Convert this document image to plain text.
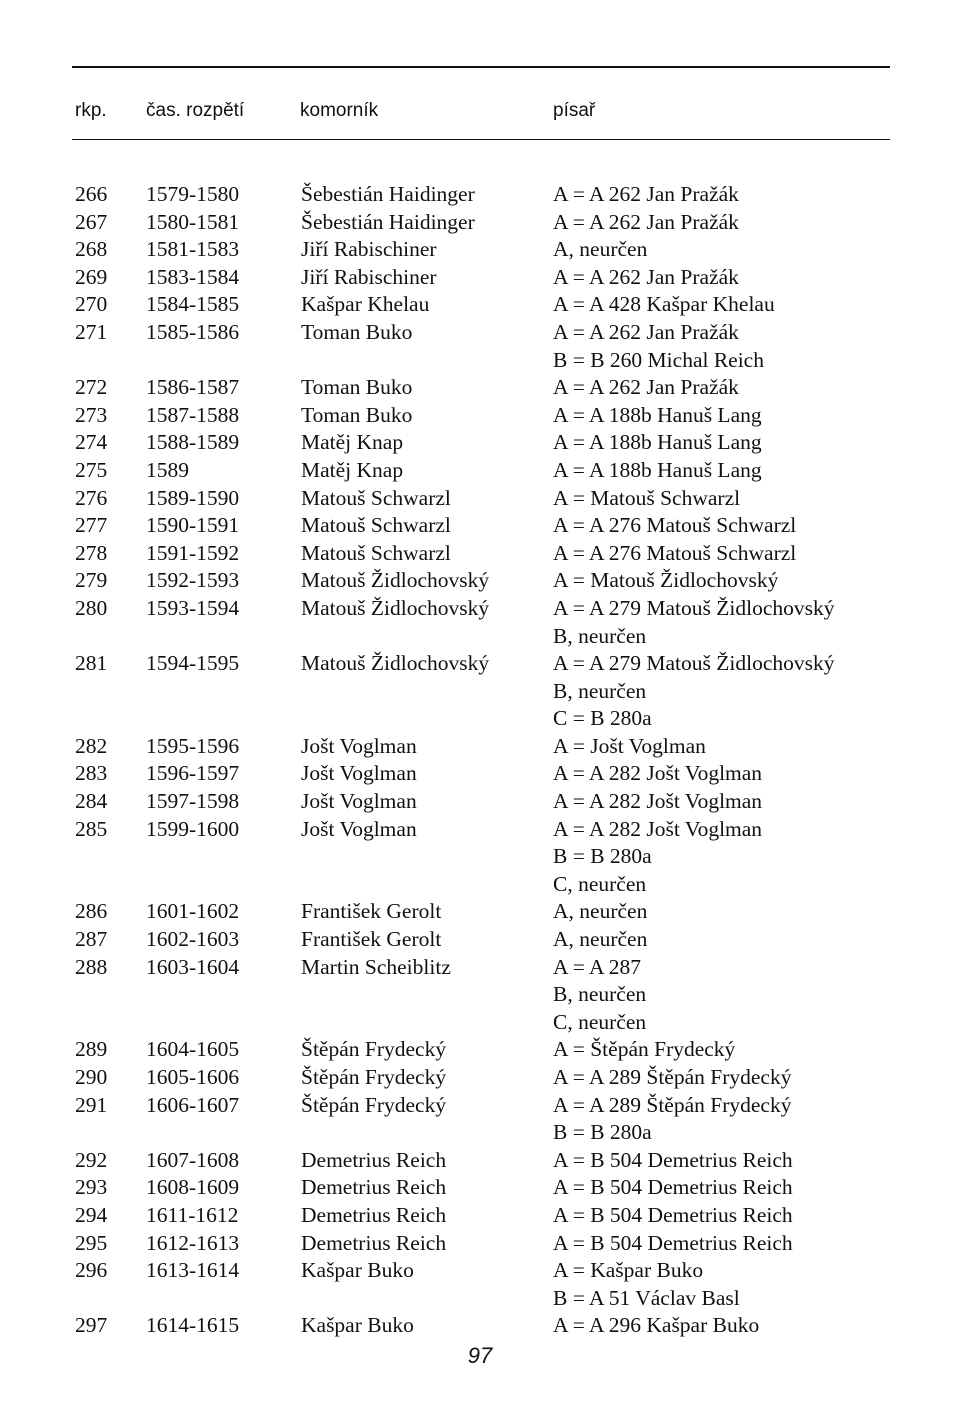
rkp. čas. rozpětí	komorník	písař
266 1579-1580	Šebestián Haidinger	A = A 262 Jan Pražák
267 1580-1581	Šebestián Haidinger	A = A 262 Jan Pražák
268 1581-1583	Jiří Rabischiner	A, neurčen
269 1583-1584	Jiří Rabischiner	A = A 262 Jan Pražák
270 1584-1585	Kašpar Khelau	A = A 428 Kašpar Khelau
271 1585-1586	Toman Buko	A = A 262 Jan Pražák
B = B 260 Michal Reich
272 1586-1587	Toman Buko	A = A 262 Jan Pražák
273 1587-1588	Toman Buko	A = A 188b Hanuš Lang
274 1588-1589	Matěj Knap	A = A 188b Hanuš Lang
275 1589	Matěj Knap	A = A 188b Hanuš Lang
276 1589-1590	Matouš Schwarzl	A = Matouš Schwarzl
277 1590-1591	Matouš Schwarzl	A = A 276 Matouš Schwarzl
278 1591-1592	Matouš Schwarzl	A = A 276 Matouš Schwarzl
279 1592-1593	Matouš Židlochovský	A = Matouš Židlochovský
280 1593-1594	Matouš Židlochovský	A = A 279 Matouš Židlochovský
B, neurčen
281 1594-1595	Matouš Židlochovský	A = A 279 Matouš Židlochovský
B, neurčen
C = B 280a
282 1595-1596	Jošt Voglman	A = Jošt Voglman
283 1596-1597	Jošt Voglman	A = A 282 Jošt Voglman
284 1597-1598	Jošt Voglman	A = A 282 Jošt Voglman
285 1599-1600	Jošt Voglman	A = A 282 Jošt Voglman
B = B 280a
C, neurčen
286 1601-1602	František Gerolt	A, neurčen
287 1602-1603	František Gerolt	A, neurčen
288 1603-1604	Martin Scheiblitz	A = A 287
B, neurčen
C, neurčen
289 1604-1605	Štěpán Frydecký	A = Štěpán Frydecký
290 1605-1606	Štěpán Frydecký	A = A 289 Štěpán Frydecký
291 1606-1607	Štěpán Frydecký	A = A 289 Štěpán Frydecký
B = B 280a
292 1607-1608	Demetrius Reich	A = B 504 Demetrius Reich
293 1608-1609	Demetrius Reich	A = B 504 Demetrius Reich
294 1611-1612	Demetrius Reich	A = B 504 Demetrius Reich
295 1612-1613	Demetrius Reich	A = B 504 Demetrius Reich
296 1613-1614	Kašpar Buko	A = Kašpar Buko
B = A 51 Václav Basl
297 1614-1615	Kašpar Buko	A = A 296 Kašpar Buko
97
